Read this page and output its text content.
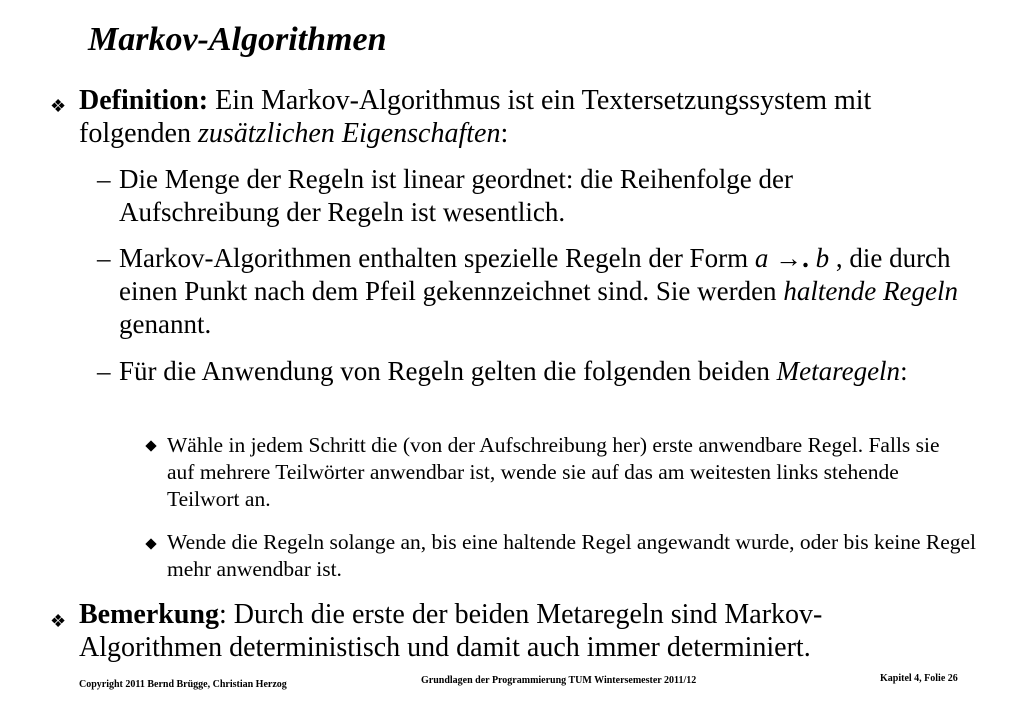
Markov-Algorithmen
❖ Definition: Ein Markov-Algorithmus ist ein Textersetzungssystem mit folgenden zusätzlichen Eigenschaften:
– Die Menge der Regeln ist linear geordnet: die Reihenfolge der Aufschreibung der Regeln ist wesentlich.
– Markov-Algorithmen enthalten spezielle Regeln der Form a →. b , die durch einen Punkt nach dem Pfeil gekennzeichnet sind. Sie werden haltende Regeln genannt.
– Für die Anwendung von Regeln gelten die folgenden beiden Metaregeln:
Wähle in jedem Schritt die (von der Aufschreibung her) erste anwendbare Regel. Falls sie auf mehrere Teilwörter anwendbar ist, wende sie auf das am weitesten links stehende Teilwort an.
Wende die Regeln solange an, bis eine haltende Regel angewandt wurde, oder bis keine Regel mehr anwendbar ist.
❖ Bemerkung: Durch die erste der beiden Metaregeln sind Markov-Algorithmen deterministisch und damit auch immer determiniert.
Copyright 2011 Bernd Brügge, Christian Herzog	Grundlagen der Programmierung TUM Wintersemester 2011/12	Kapitel 4, Folie 26
